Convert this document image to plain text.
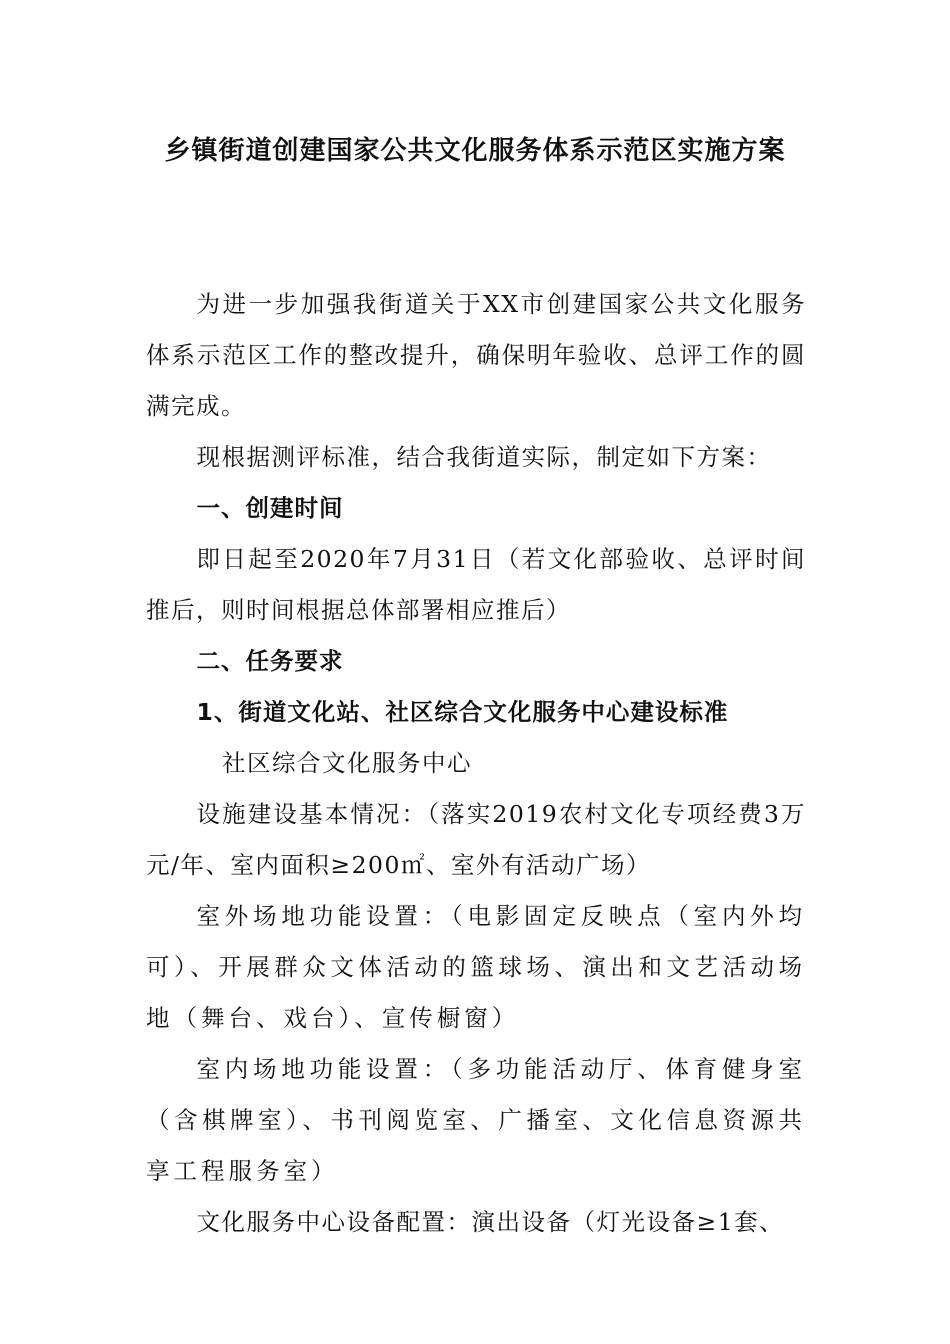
乡镇街道创建国家公共文化服务体系示范区实施方案

为进一步加强我街道关于XX市创建国家公共文化服务体系示范区工作的整改提升，确保明年验收、总评工作的圆满完成。

现根据测评标准，结合我街道实际，制定如下方案：

一、创建时间

即日起至2020年7月31日（若文化部验收、总评时间推后，则时间根据总体部署相应推后）

二、任务要求

1、街道文化站、社区综合文化服务中心建设标准

社区综合文化服务中心

设施建设基本情况：（落实2019农村文化专项经费3万元/年、室内面积≥200㎡、室外有活动广场）

室外场地功能设置：（电影固定反映点（室内外均可）、开展群众文体活动的篮球场、演出和文艺活动场地（舞台、戏台）、宣传橱窗）

室内场地功能设置：（多功能活动厅、体育健身室（含棋牌室）、书刊阅览室、广播室、文化信息资源共享工程服务室）

文化服务中心设备配置：演出设备（灯光设备≥1套、
